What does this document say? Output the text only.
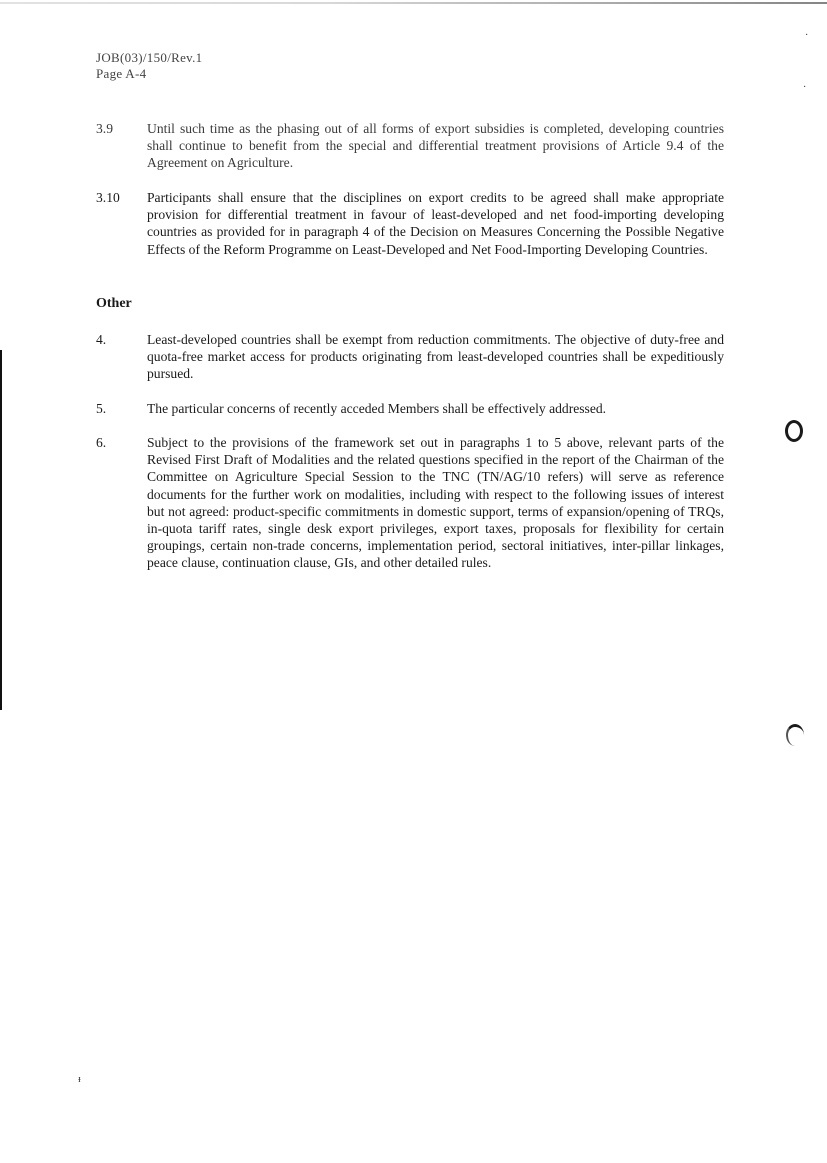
JOB(03)/150/Rev.1
Page A-4
3.9	Until such time as the phasing out of all forms of export subsidies is completed, developing countries shall continue to benefit from the special and differential treatment provisions of Article 9.4 of the Agreement on Agriculture.
3.10	Participants shall ensure that the disciplines on export credits to be agreed shall make appropriate provision for differential treatment in favour of least-developed and net food-importing developing countries as provided for in paragraph 4 of the Decision on Measures Concerning the Possible Negative Effects of the Reform Programme on Least-Developed and Net Food-Importing Developing Countries.
Other
4.	Least-developed countries shall be exempt from reduction commitments. The objective of duty-free and quota-free market access for products originating from least-developed countries shall be expeditiously pursued.
5.	The particular concerns of recently acceded Members shall be effectively addressed.
6.	Subject to the provisions of the framework set out in paragraphs 1 to 5 above, relevant parts of the Revised First Draft of Modalities and the related questions specified in the report of the Chairman of the Committee on Agriculture Special Session to the TNC (TN/AG/10 refers) will serve as reference documents for the further work on modalities, including with respect to the following issues of interest but not agreed: product-specific commitments in domestic support, terms of expansion/opening of TRQs, in-quota tariff rates, single desk export privileges, export taxes, proposals for flexibility for certain groupings, certain non-trade concerns, implementation period, sectoral initiatives, inter-pillar linkages, peace clause, continuation clause, GIs, and other detailed rules.
·
·
ᵻ
